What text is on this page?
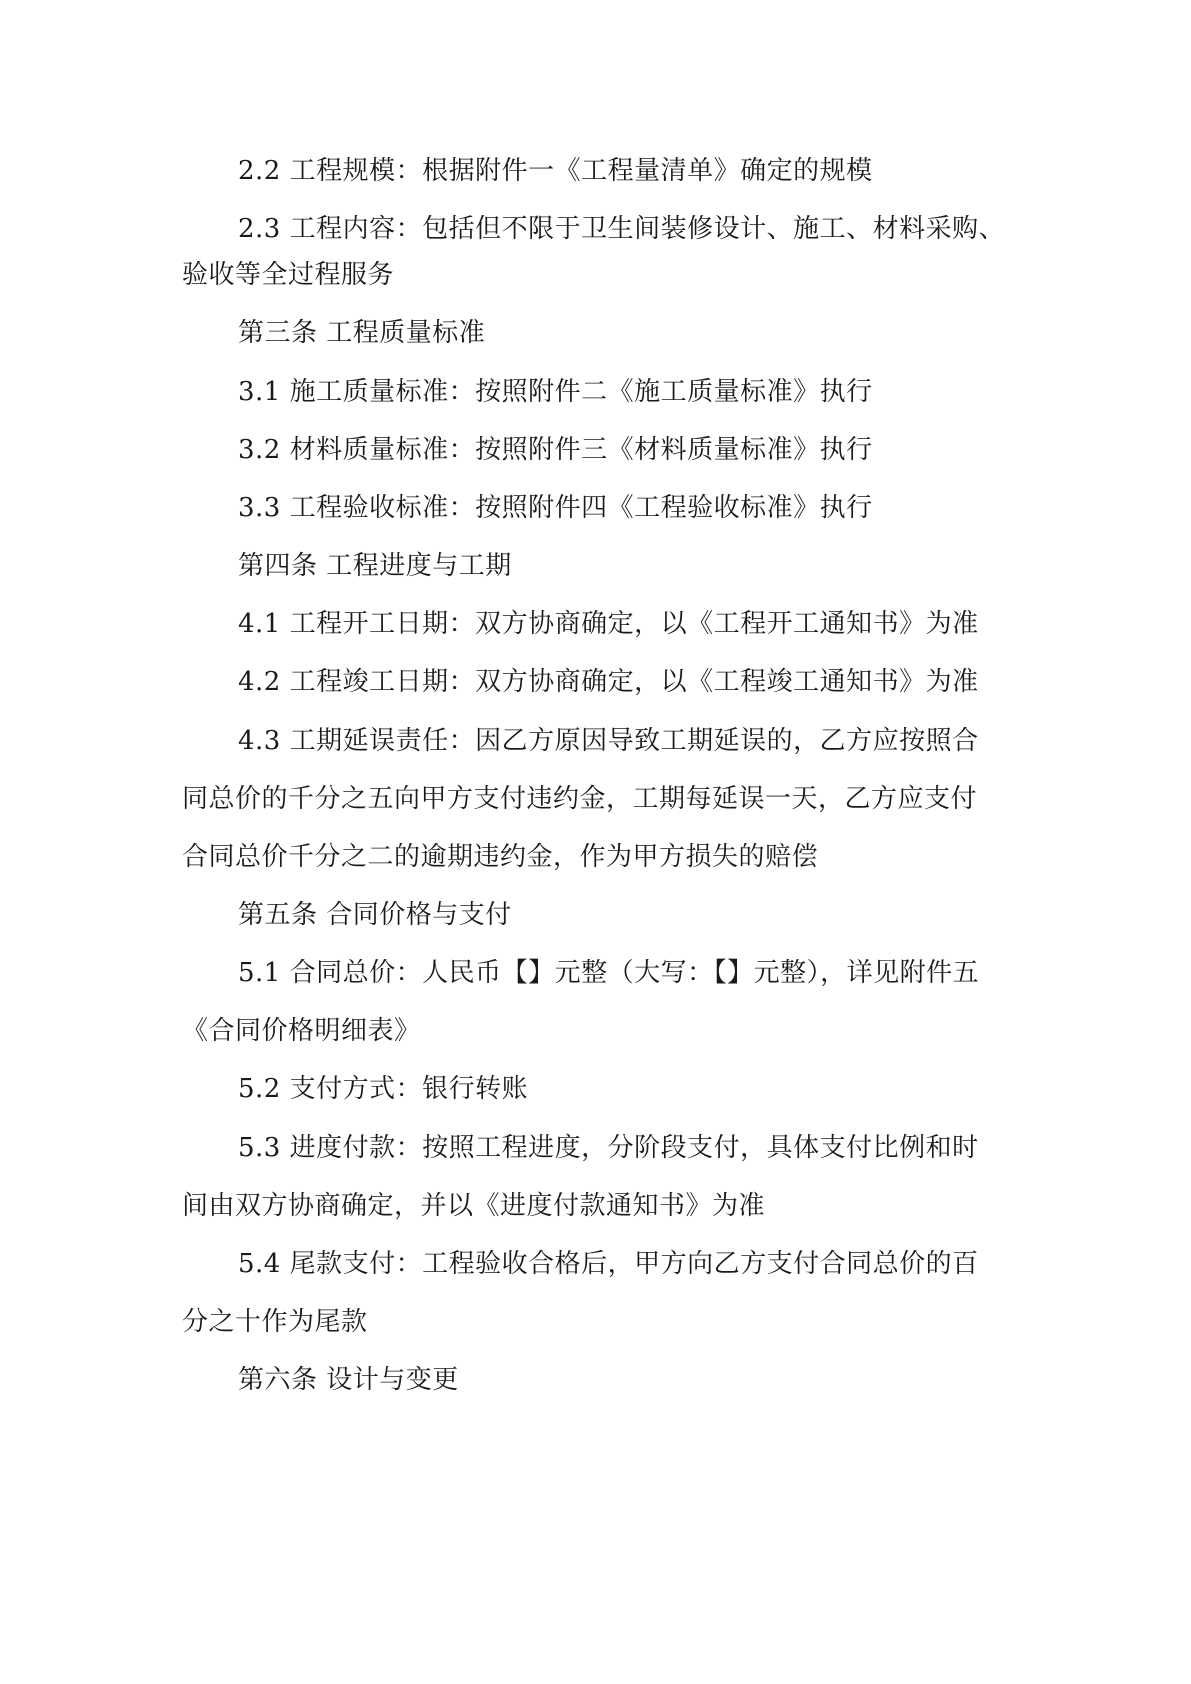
2.2 工程规模：根据附件一《工程量清单》确定的规模

2.3 工程内容：包括但不限于卫生间装修设计、施工、材料采购、

验收等全过程服务

第三条 工程质量标准

3.1 施工质量标准：按照附件二《施工质量标准》执行

3.2 材料质量标准：按照附件三《材料质量标准》执行

3.3 工程验收标准：按照附件四《工程验收标准》执行

第四条 工程进度与工期

4.1 工程开工日期：双方协商确定，以《工程开工通知书》为准

4.2 工程竣工日期：双方协商确定，以《工程竣工通知书》为准

4.3 工期延误责任：因乙方原因导致工期延误的，乙方应按照合

同总价的千分之五向甲方支付违约金，工期每延误一天，乙方应支付

合同总价千分之二的逾期违约金，作为甲方损失的赔偿

第五条 合同价格与支付

5.1 合同总价：人民币【】元整（大写：【】元整），详见附件五

《合同价格明细表》

5.2 支付方式：银行转账

5.3 进度付款：按照工程进度，分阶段支付，具体支付比例和时

间由双方协商确定，并以《进度付款通知书》为准

5.4 尾款支付：工程验收合格后，甲方向乙方支付合同总价的百

分之十作为尾款

第六条 设计与变更
